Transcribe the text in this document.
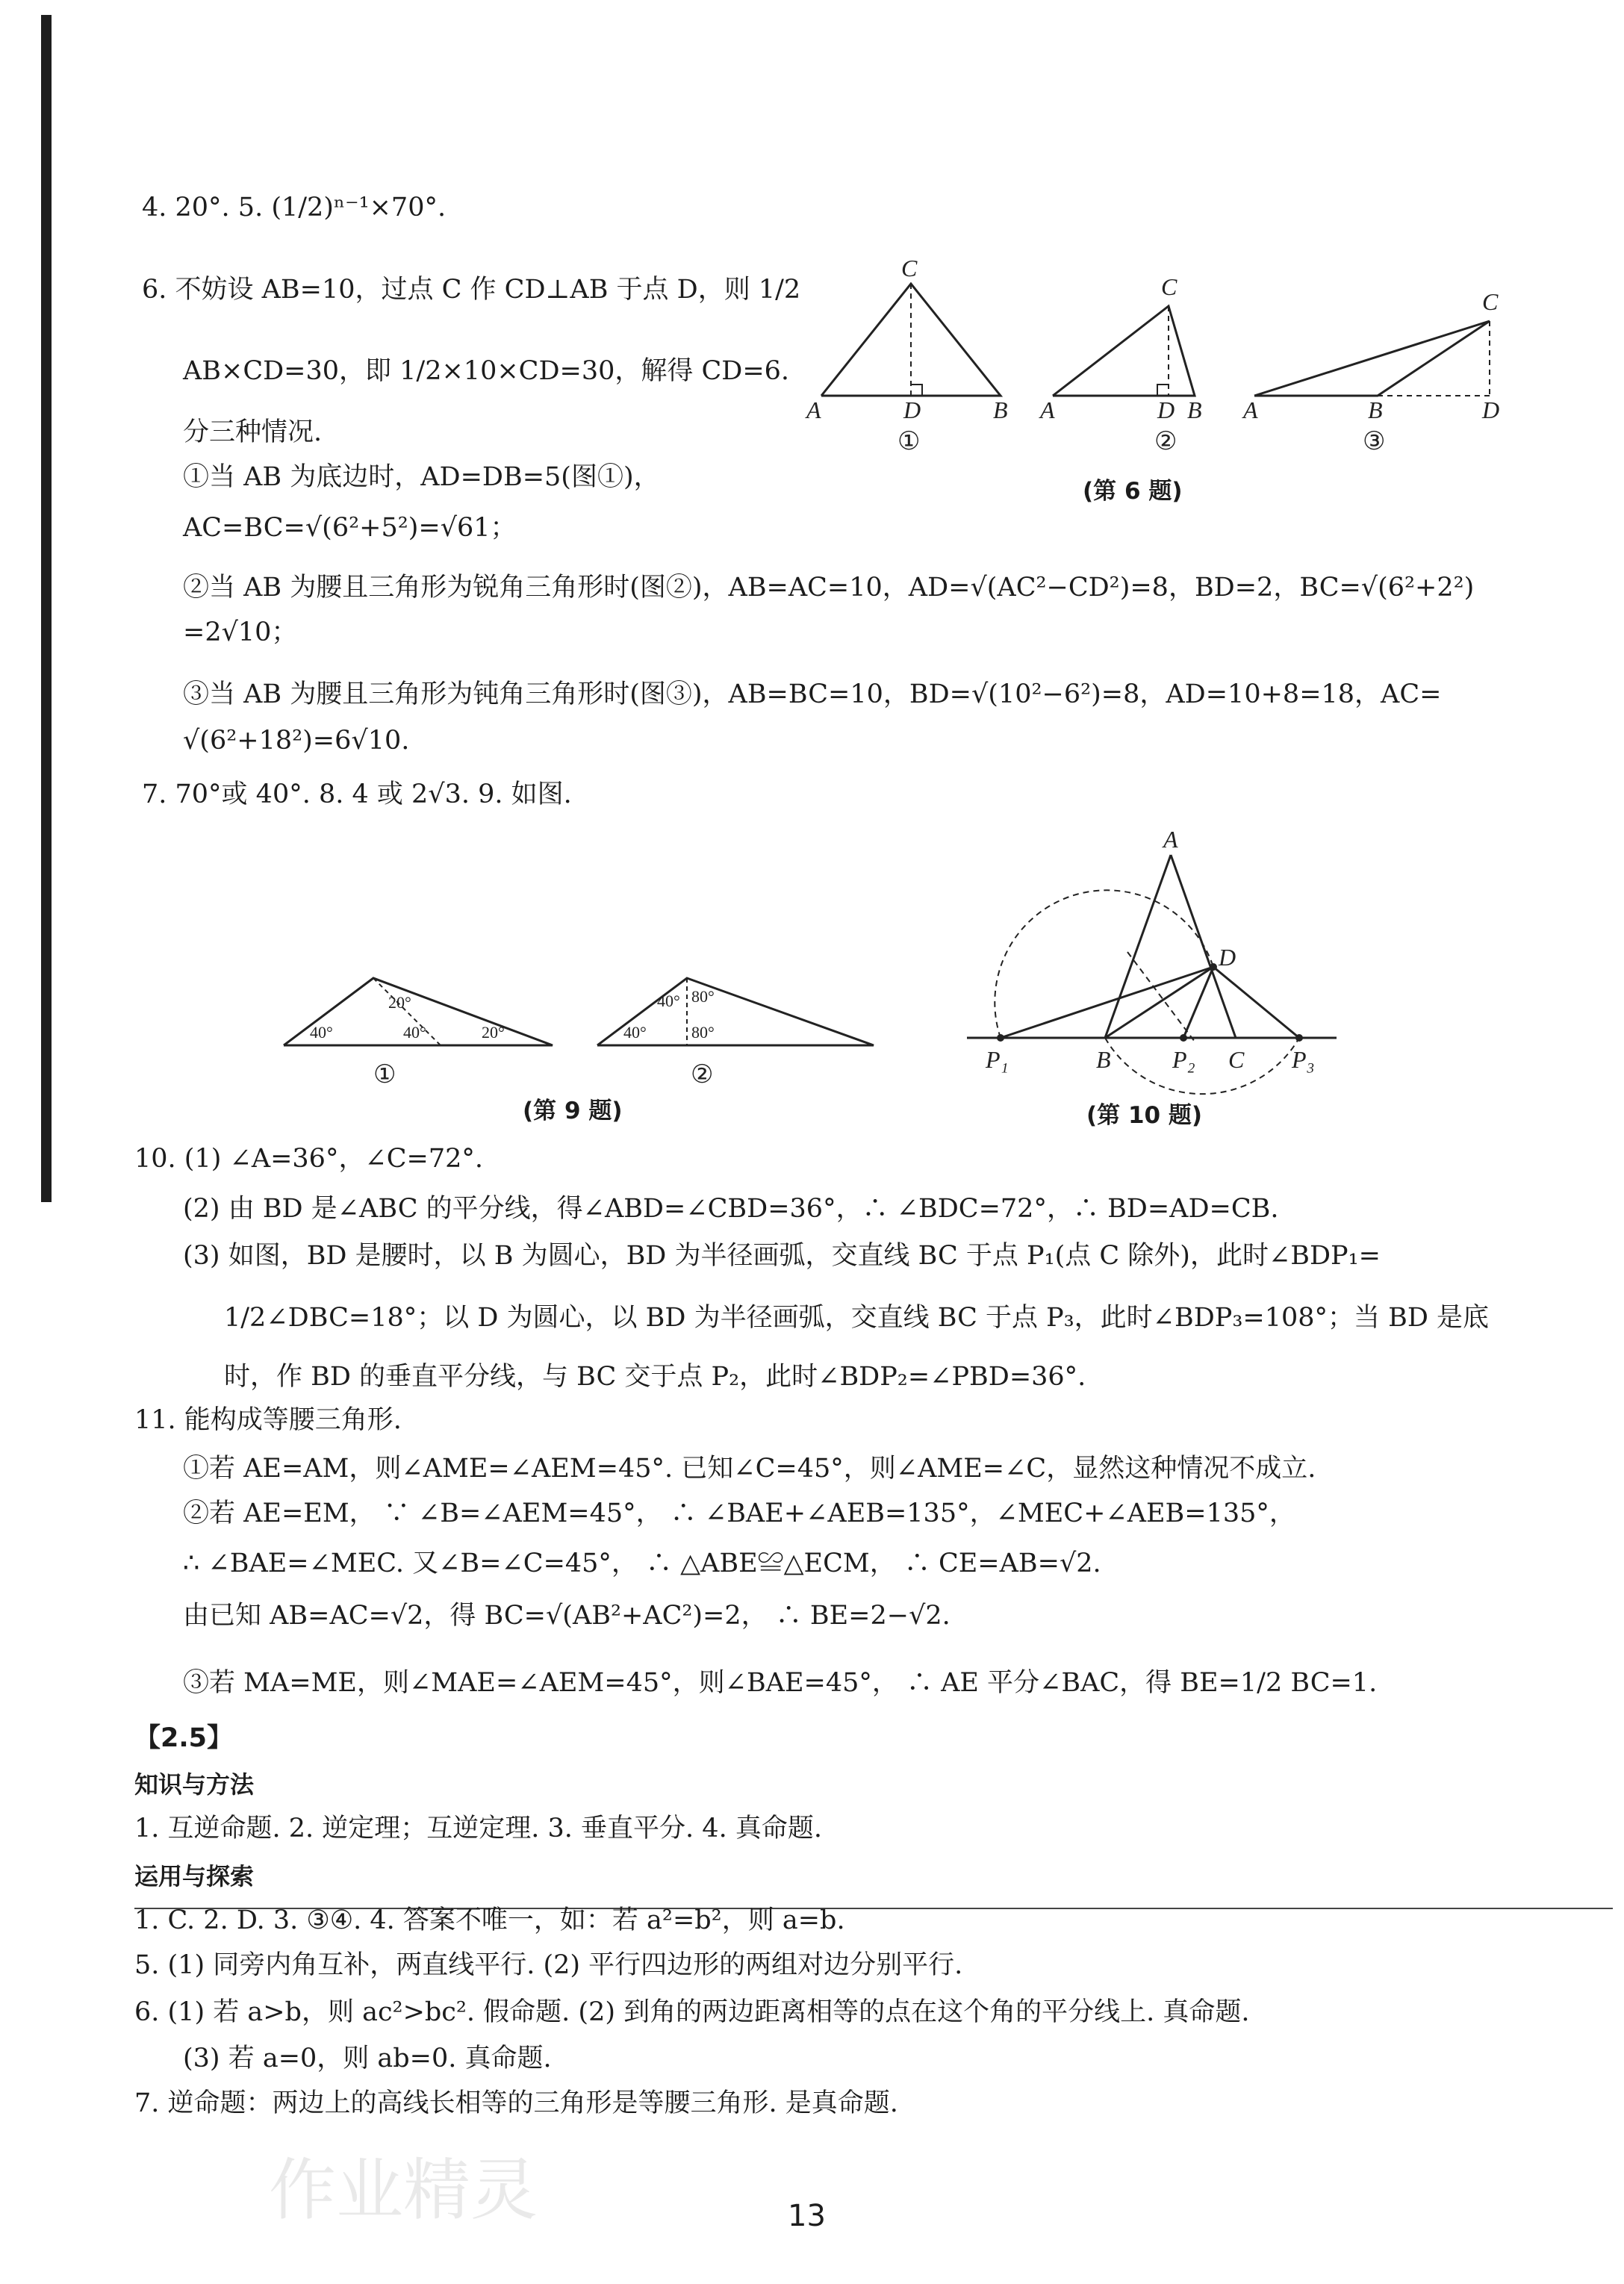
4. 20°. 5. (1/2)ⁿ⁻¹×70°.
6. 不妨设 AB=10，过点 C 作 CD⊥AB 于点 D，则 1/2
AB×CD=30，即 1/2×10×CD=30，解得 CD=6.
分三种情况.
①当 AB 为底边时，AD=DB=5(图①)，
AC=BC=√(6²+5²)=√61；
②当 AB 为腰且三角形为锐角三角形时(图②)，AB=AC=10，AD=√(AC²−CD²)=8，BD=2，BC=√(6²+2²)
=2√10；
③当 AB 为腰且三角形为钝角三角形时(图③)，AB=BC=10，BD=√(10²−6²)=8，AD=10+8=18，AC=
√(6²+18²)=6√10.
7. 70°或 40°. 8. 4 或 2√3. 9. 如图.
C
A	D	B
C
A	D B
C
A	B	D
①	②	③
(第 6 题)
40°
20°
40°	20°	40°
40° 80°
80°
①	②
(第 9 题)
A
D
B	C
P₁	P₂	P₃
(第 10 题)
10. (1) ∠A=36°，∠C=72°.
(2) 由 BD 是∠ABC 的平分线，得∠ABD=∠CBD=36°，∴ ∠BDC=72°，∴ BD=AD=CB.
(3) 如图，BD 是腰时，以 B 为圆心，BD 为半径画弧，交直线 BC 于点 P₁(点 C 除外)，此时∠BDP₁=
1/2∠DBC=18°；以 D 为圆心，以 BD 为半径画弧，交直线 BC 于点 P₃，此时∠BDP₃=108°；当 BD 是底
时，作 BD 的垂直平分线，与 BC 交于点 P₂，此时∠BDP₂=∠PBD=36°.
11. 能构成等腰三角形.
①若 AE=AM，则∠AME=∠AEM=45°. 已知∠C=45°，则∠AME=∠C，显然这种情况不成立.
②若 AE=EM， ∵ ∠B=∠AEM=45°， ∴ ∠BAE+∠AEB=135°，∠MEC+∠AEB=135°，
∴ ∠BAE=∠MEC. 又∠B=∠C=45°， ∴ △ABE≌△ECM， ∴ CE=AB=√2.
由已知 AB=AC=√2，得 BC=√(AB²+AC²)=2， ∴ BE=2−√2.
③若 MA=ME，则∠MAE=∠AEM=45°，则∠BAE=45°， ∴ AE 平分∠BAC，得 BE=1/2 BC=1.
【2.5】
知识与方法
1. 互逆命题. 2. 逆定理；互逆定理. 3. 垂直平分. 4. 真命题.
运用与探索
1. C. 2. D. 3. ③④. 4. 答案不唯一，如：若 a²=b²，则 a=b.
5. (1) 同旁内角互补，两直线平行. (2) 平行四边形的两组对边分别平行.
6. (1) 若 a>b，则 ac²>bc². 假命题. (2) 到角的两边距离相等的点在这个角的平分线上. 真命题.
(3) 若 a=0，则 ab=0. 真命题.
7. 逆命题：两边上的高线长相等的三角形是等腰三角形. 是真命题.
作业精灵	13
